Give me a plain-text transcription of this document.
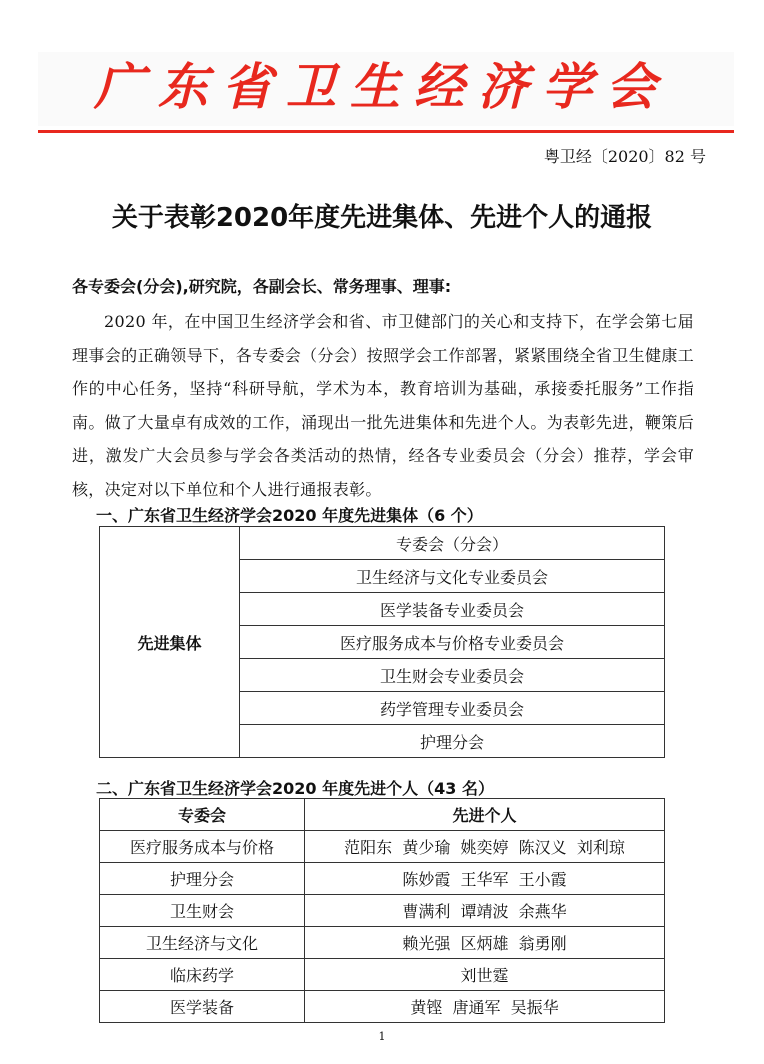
广东省卫生经济学会
粤卫经〔2020〕82 号
关于表彰2020年度先进集体、先进个人的通报
各专委会(分会),研究院，各副会长、常务理事、理事:
2020 年，在中国卫生经济学会和省、市卫健部门的关心和支持下，在学会第七届理事会的正确领导下，各专委会（分会）按照学会工作部署，紧紧围绕全省卫生健康工作的中心任务，坚持“科研导航，学术为本，教育培训为基础，承接委托服务”工作指南。做了大量卓有成效的工作，涌现出一批先进集体和先进个人。为表彰先进，鞭策后进，激发广大会员参与学会各类活动的热情，经各专业委员会（分会）推荐，学会审核，决定对以下单位和个人进行通报表彰。
一、广东省卫生经济学会2020 年度先进集体（6 个）
先进集体	专委会（分会）
卫生经济与文化专业委员会
医学装备专业委员会
医疗服务成本与价格专业委员会
卫生财会专业委员会
药学管理专业委员会
护理分会
二、广东省卫生经济学会2020 年度先进个人（43 名）
专委会	先进个人
医疗服务成本与价格	范阳东  黄少瑜  姚奕婷  陈汉义  刘利琼
护理分会	陈妙霞  王华军  王小霞
卫生财会	曹满利  谭靖波  余燕华
卫生经济与文化	赖光强  区炳雄  翁勇刚
临床药学	刘世霆
医学装备	黄铿  唐通军  吴振华
1
